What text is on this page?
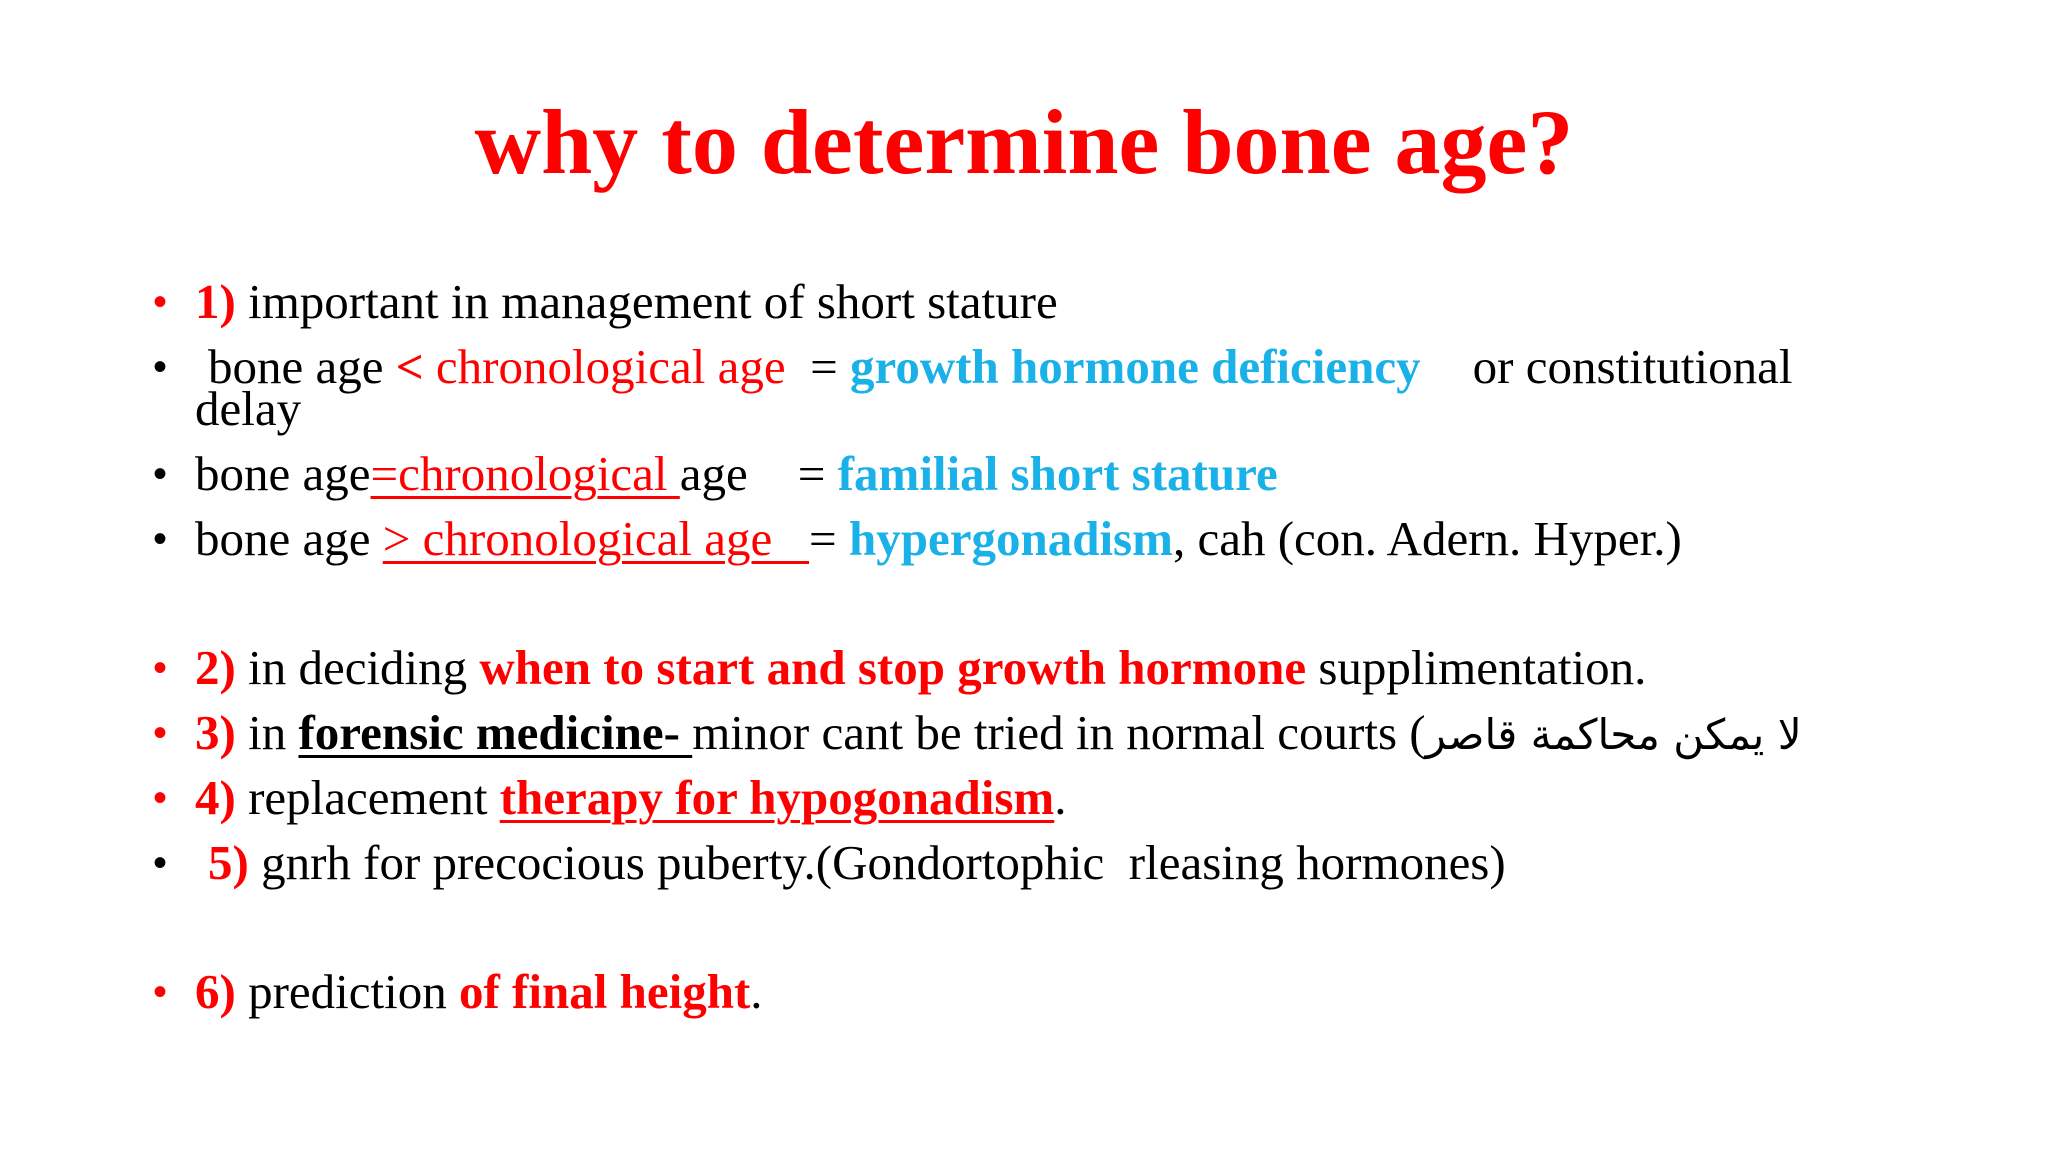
why to determine bone age?
• 1) important in management of short stature
• bone age < chronological age  = growth hormone deficiency or constitutional
delay
• bone age=chronological age = familial short stature
• bone age > chronological age   = hypergonadism, cah (con. Adern. Hyper.)
• 2) in deciding when to start and stop growth hormone supplimentation.
• 3) in forensic medicine- minor cant be tried in normal courts (لا يمكن محاكمة قاصر
• 4) replacement therapy for hypogonadism.
• 5) gnrh for precocious puberty.(Gondortophic  rleasing hormones)
• 6) prediction of final height.
